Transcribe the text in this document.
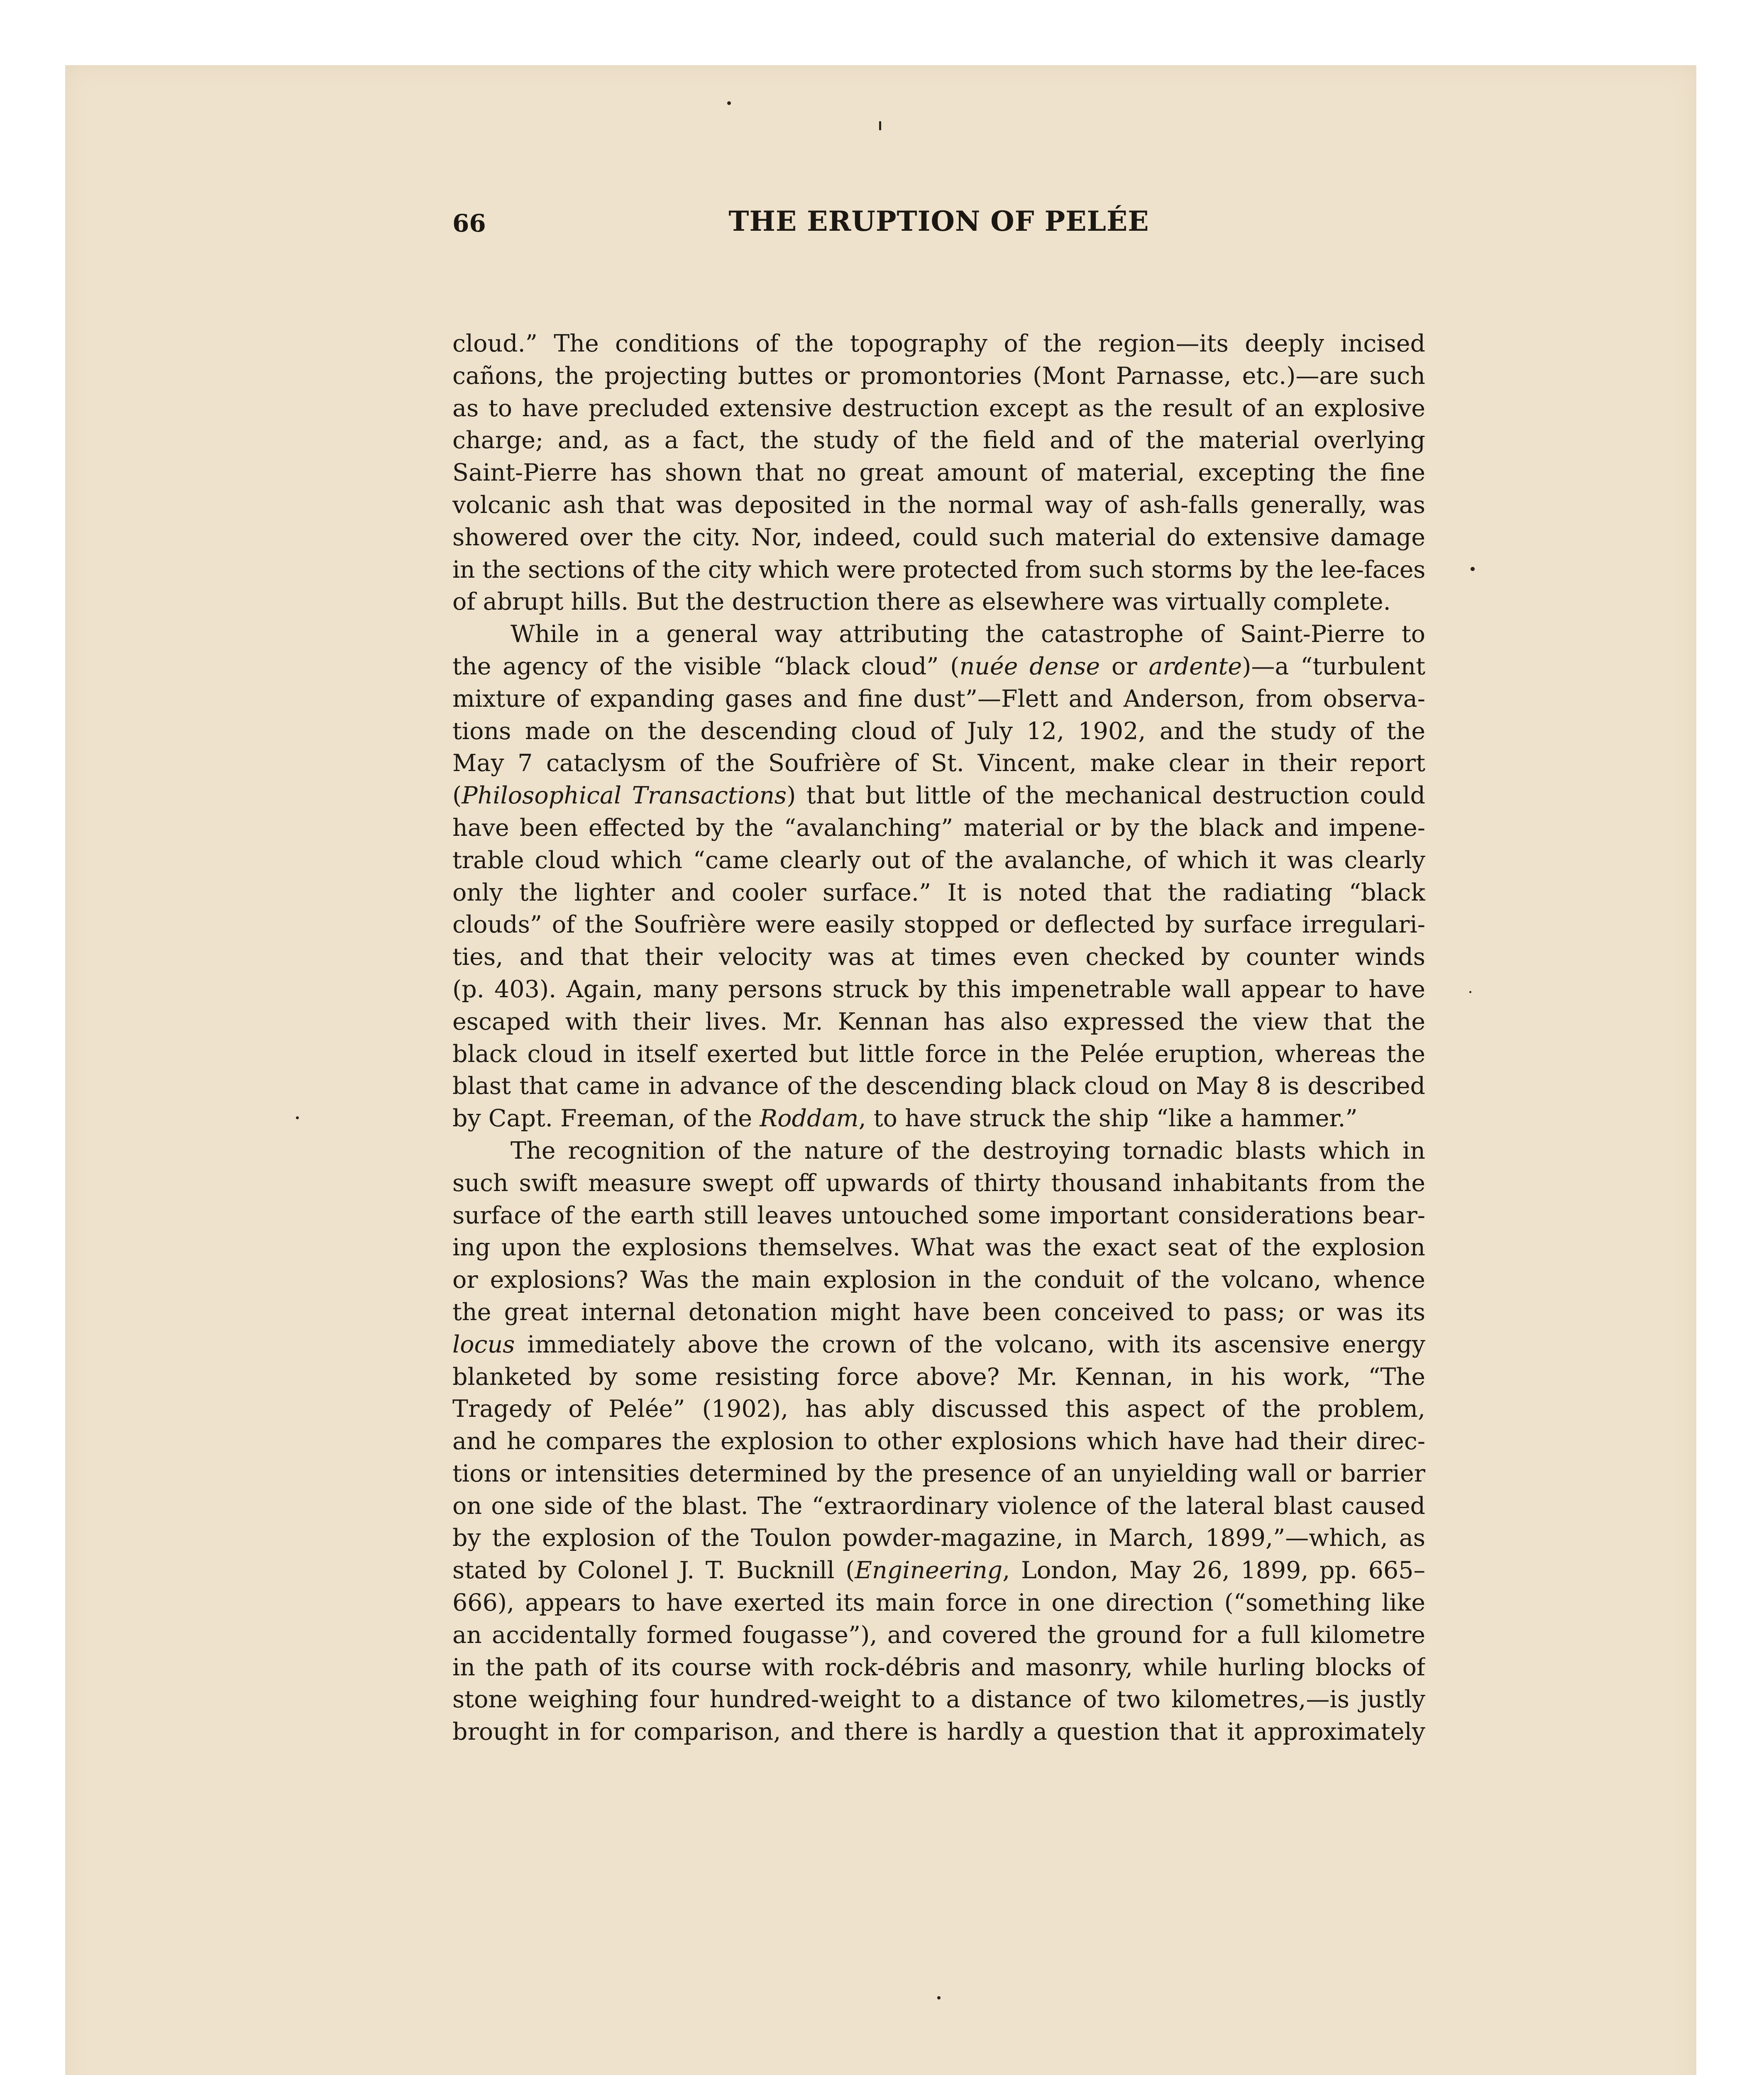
66	THE ERUPTION OF PELÉE
cloud.” The conditions of the topography of the region—its deeply incised
cañons, the projecting buttes or promontories (Mont Parnasse, etc.)—are such
as to have precluded extensive destruction except as the result of an explosive
charge; and, as a fact, the study of the field and of the material overlying
Saint-Pierre has shown that no great amount of material, excepting the fine
volcanic ash that was deposited in the normal way of ash-falls generally, was
showered over the city. Nor, indeed, could such material do extensive damage
in the sections of the city which were protected from such storms by the lee-faces
of abrupt hills. But the destruction there as elsewhere was virtually complete.
While in a general way attributing the catastrophe of Saint-Pierre to
the agency of the visible “black cloud” (nuée dense or ardente)—a “turbulent
mixture of expanding gases and fine dust”—Flett and Anderson, from observa-
tions made on the descending cloud of July 12, 1902, and the study of the
May 7 cataclysm of the Soufrière of St. Vincent, make clear in their report
(Philosophical Transactions) that but little of the mechanical destruction could
have been effected by the “avalanching” material or by the black and impene-
trable cloud which “came clearly out of the avalanche, of which it was clearly
only the lighter and cooler surface.” It is noted that the radiating “black
clouds” of the Soufrière were easily stopped or deflected by surface irregulari-
ties, and that their velocity was at times even checked by counter winds
(p. 403). Again, many persons struck by this impenetrable wall appear to have
escaped with their lives. Mr. Kennan has also expressed the view that the
black cloud in itself exerted but little force in the Pelée eruption, whereas the
blast that came in advance of the descending black cloud on May 8 is described
by Capt. Freeman, of the Roddam, to have struck the ship “like a hammer.”
The recognition of the nature of the destroying tornadic blasts which in
such swift measure swept off upwards of thirty thousand inhabitants from the
surface of the earth still leaves untouched some important considerations bear-
ing upon the explosions themselves. What was the exact seat of the explosion
or explosions? Was the main explosion in the conduit of the volcano, whence
the great internal detonation might have been conceived to pass; or was its
locus immediately above the crown of the volcano, with its ascensive energy
blanketed by some resisting force above? Mr. Kennan, in his work, “The
Tragedy of Pelée” (1902), has ably discussed this aspect of the problem,
and he compares the explosion to other explosions which have had their direc-
tions or intensities determined by the presence of an unyielding wall or barrier
on one side of the blast. The “extraordinary violence of the lateral blast caused
by the explosion of the Toulon powder-magazine, in March, 1899,”—which, as
stated by Colonel J. T. Bucknill (Engineering, London, May 26, 1899, pp. 665–
666), appears to have exerted its main force in one direction (“something like
an accidentally formed fougasse”), and covered the ground for a full kilometre
in the path of its course with rock-débris and masonry, while hurling blocks of
stone weighing four hundred-weight to a distance of two kilometres,—is justly
brought in for comparison, and there is hardly a question that it approximately
